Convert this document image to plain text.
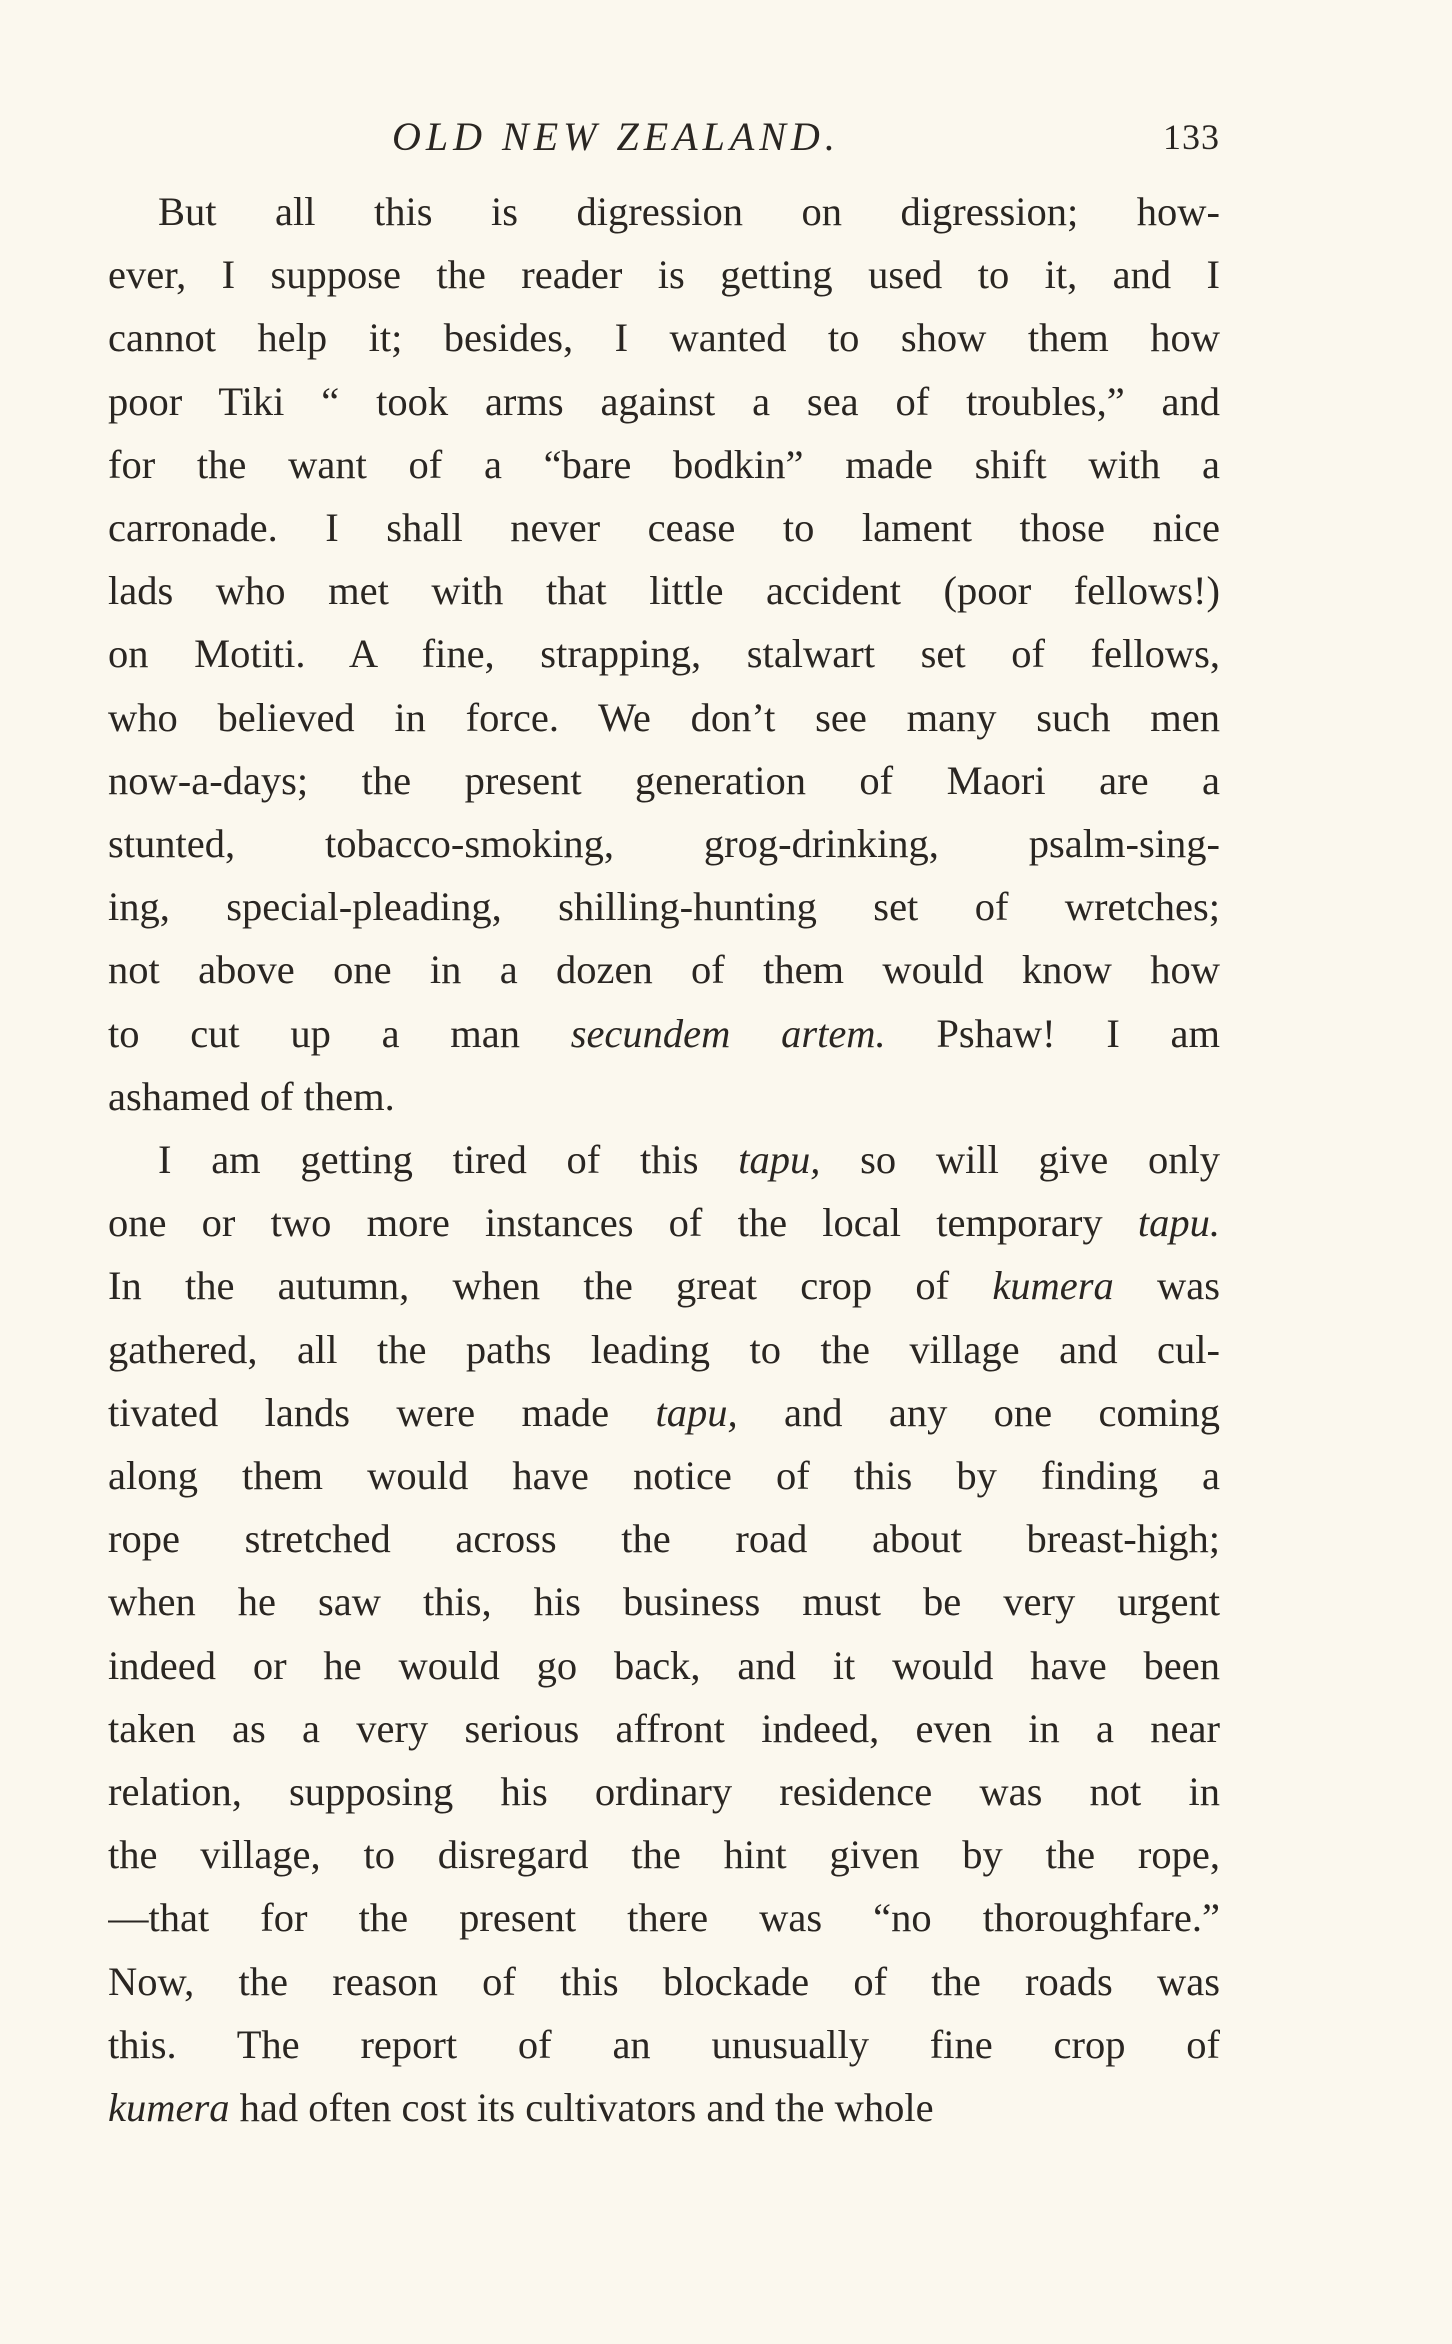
OLD NEW ZEALAND.	133

But all this is digression on digression; how-
ever, I suppose the reader is getting used to it, and I
cannot help it; besides, I wanted to show them how
poor Tiki “ took arms against a sea of troubles,” and
for the want of a “bare bodkin” made shift with a
carronade. I shall never cease to lament those nice
lads who met with that little accident (poor fellows!)
on Motiti. A fine, strapping, stalwart set of fellows,
who believed in force. We don’t see many such men
now-a-days; the present generation of Maori are a
stunted, tobacco-smoking, grog-drinking, psalm-sing-
ing, special-pleading, shilling-hunting set of wretches;
not above one in a dozen of them would know how
to cut up a man secundem artem. Pshaw! I am
ashamed of them.

I am getting tired of this tapu, so will give only
one or two more instances of the local temporary tapu.
In the autumn, when the great crop of kumera was
gathered, all the paths leading to the village and cul-
tivated lands were made tapu, and any one coming
along them would have notice of this by finding a
rope stretched across the road about breast-high;
when he saw this, his business must be very urgent
indeed or he would go back, and it would have been
taken as a very serious affront indeed, even in a near
relation, supposing his ordinary residence was not in
the village, to disregard the hint given by the rope,
—that for the present there was “no thoroughfare.”
Now, the reason of this blockade of the roads was
this. The report of an unusually fine crop of
kumera had often cost its cultivators and the whole
